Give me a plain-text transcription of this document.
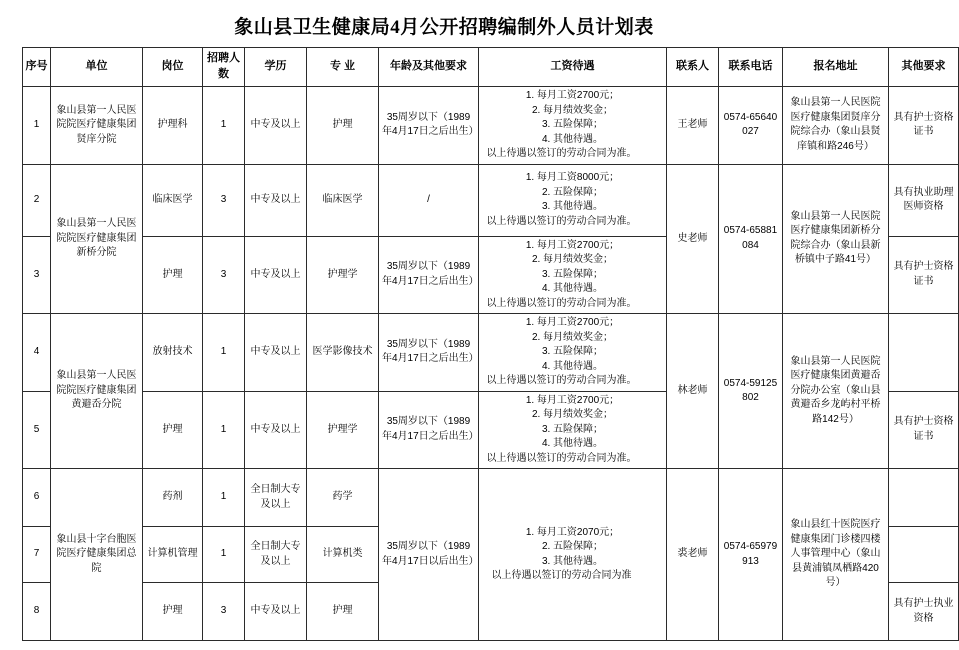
象山县卫生健康局4月公开招聘编制外人员计划表
序号	单位	岗位	招聘人数	学历	专 业	年龄及其他要求	工资待遇	联系人	联系电话	报名地址	其他要求
1	象山县第一人民医院院医疗健康集团贤庠分院	护理科	1	中专及以上	护理	35周岁以下（1989年4月17日之后出生）	1. 每月工资2700元；
2. 每月绩效奖金；
3. 五险保障；
4. 其他待遇。
以上待遇以签订的劳动合同为准。	王老师	0574-65640027	象山县第一人民医院医疗健康集团贤庠分院综合办（象山县贤庠镇和路246号）	具有护士资格证书
2	象山县第一人民医院院医疗健康集团新桥分院	临床医学	3	中专及以上	临床医学	/	1. 每月工资8000元；
2. 五险保障；
3. 其他待遇。
以上待遇以签订的劳动合同为准。	史老师	0574-65881084	象山县第一人民医院医疗健康集团新桥分院综合办（象山县新桥镇中子路41号）	具有执业助理医师资格
3		护理	3	中专及以上	护理学	35周岁以下（1989年4月17日之后出生）	1. 每月工资2700元；
2. 每月绩效奖金；
3. 五险保障；
4. 其他待遇。
以上待遇以签订的劳动合同为准。				具有护士资格证书
4	象山县第一人民医院院医疗健康集团黄避岙分院	放射技术	1	中专及以上	医学影像技术	35周岁以下（1989年4月17日之后出生）	1. 每月工资2700元；
2. 每月绩效奖金；
3. 五险保障；
4. 其他待遇。
以上待遇以签订的劳动合同为准。	林老师	0574-59125802	象山县第一人民医院医疗健康集团黄避岙分院办公室（象山县黄避岙乡龙屿村平桥路142号）	
5		护理	1	中专及以上	护理学	35周岁以下（1989年4月17日之后出生）	1. 每月工资2700元；
2. 每月绩效奖金；
3. 五险保障；
4. 其他待遇。
以上待遇以签订的劳动合同为准。				具有护士资格证书
6	象山县十字台胞医院医疗健康集团总院	药剂	1	全日制大专及以上	药学	35周岁以下（1989年4月17日以后出生）	1. 每月工资2070元；
2. 五险保障；
3. 其他待遇。
以上待遇以签订的劳动合同为准	裘老师	0574-65979913	象山县红十医院医疗健康集团门诊楼四楼人事管理中心（象山县黄浦镇凤栖路420号）	
7		计算机管理	1	全日制大专及以上	计算机类						
8		护理	3	中专及以上	护理						具有护士执业资格
